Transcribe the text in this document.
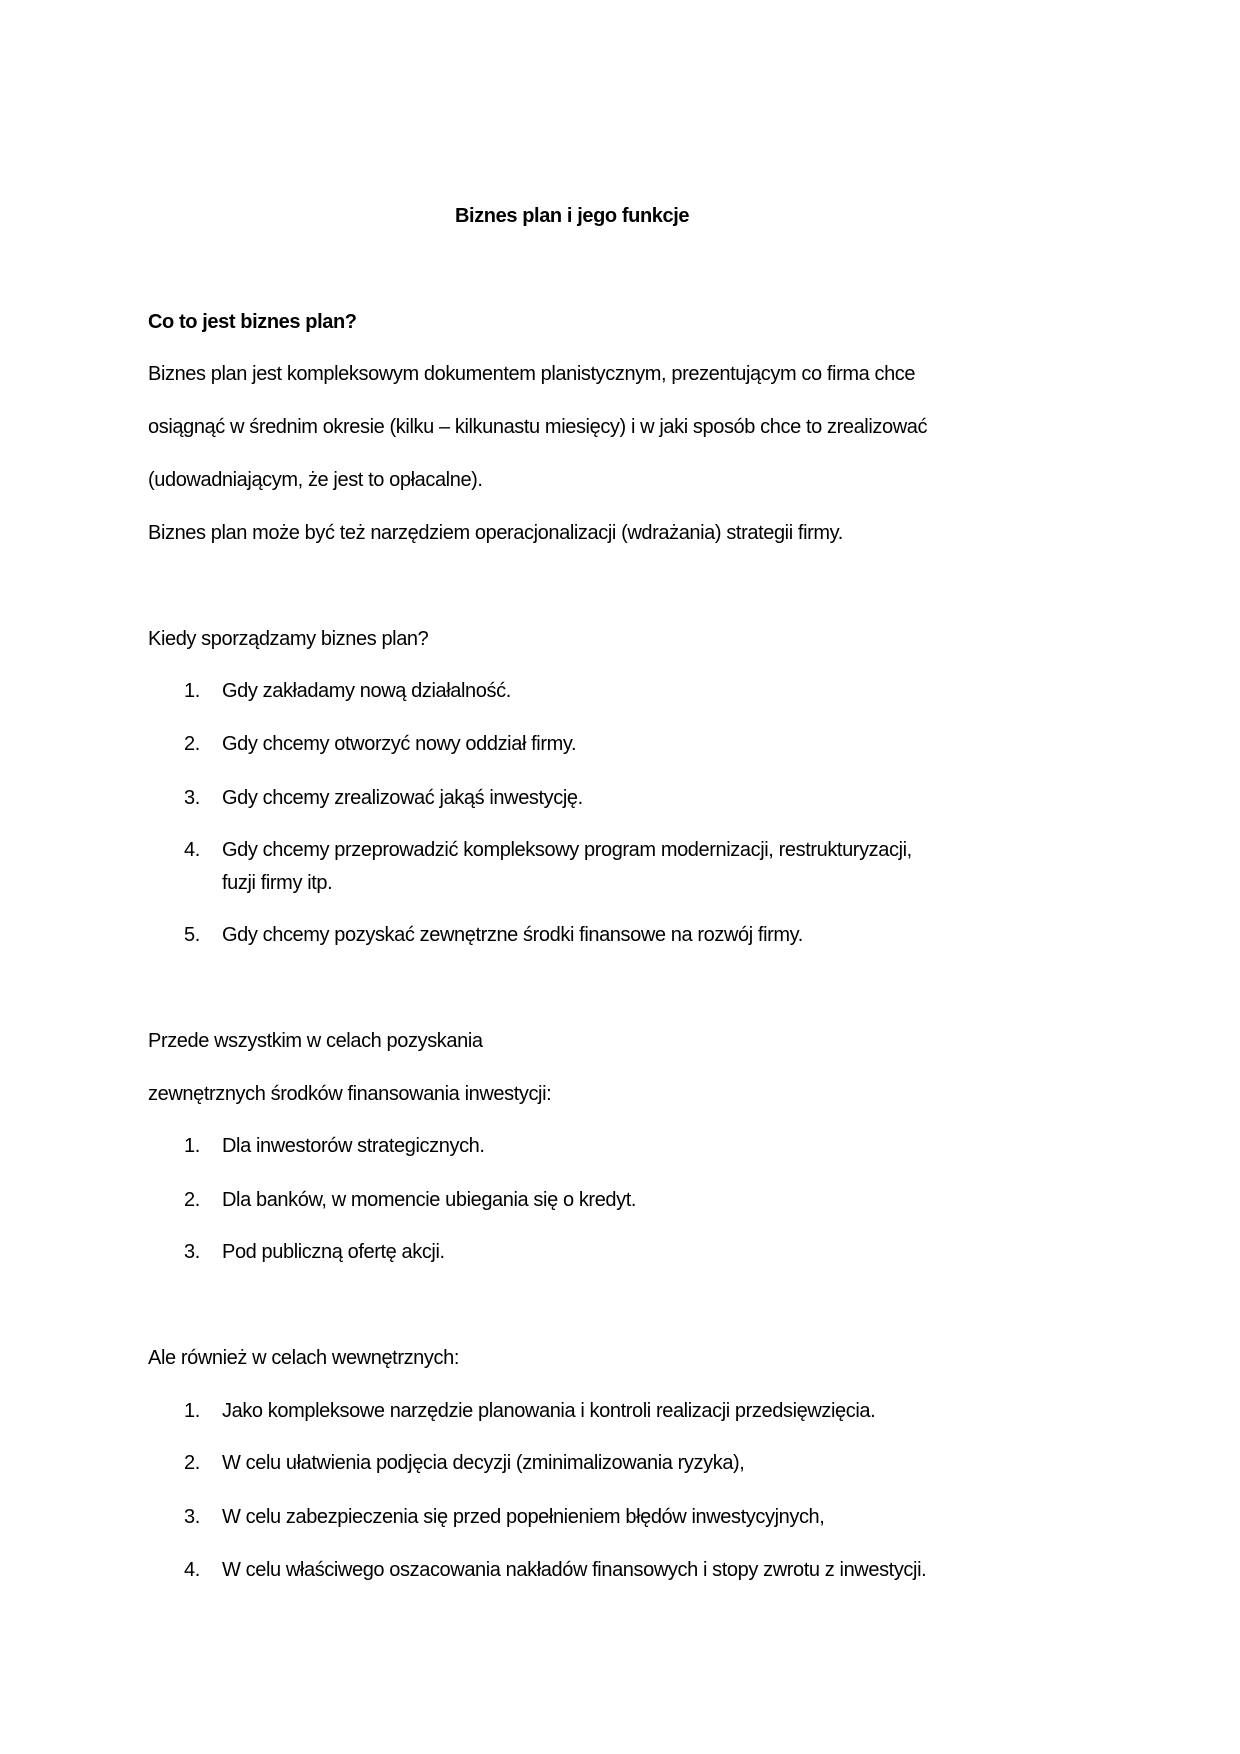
Biznes plan i jego funkcje
Co to jest biznes plan?
Biznes plan jest kompleksowym dokumentem planistycznym, prezentującym co firma chce
osiągnąć w średnim okresie (kilku – kilkunastu miesięcy) i w jaki sposób chce to zrealizować
(udowadniającym, że jest to opłacalne).
Biznes plan może być też narzędziem operacjonalizacji (wdrażania) strategii firmy.
Kiedy sporządzamy biznes plan?
1. Gdy zakładamy nową działalność.
2. Gdy chcemy otworzyć nowy oddział firmy.
3. Gdy chcemy zrealizować jakąś inwestycję.
4. Gdy chcemy przeprowadzić kompleksowy program modernizacji, restrukturyzacji,
fuzji firmy itp.
5. Gdy chcemy pozyskać zewnętrzne środki finansowe na rozwój firmy.
Przede wszystkim w celach pozyskania
zewnętrznych środków finansowania inwestycji:
1. Dla inwestorów strategicznych.
2. Dla banków, w momencie ubiegania się o kredyt.
3. Pod publiczną ofertę akcji.
Ale również w celach wewnętrznych:
1. Jako kompleksowe narzędzie planowania i kontroli realizacji przedsięwzięcia.
2. W celu ułatwienia podjęcia decyzji (zminimalizowania ryzyka),
3. W celu zabezpieczenia się przed popełnieniem błędów inwestycyjnych,
4. W celu właściwego oszacowania nakładów finansowych i stopy zwrotu z inwestycji.
